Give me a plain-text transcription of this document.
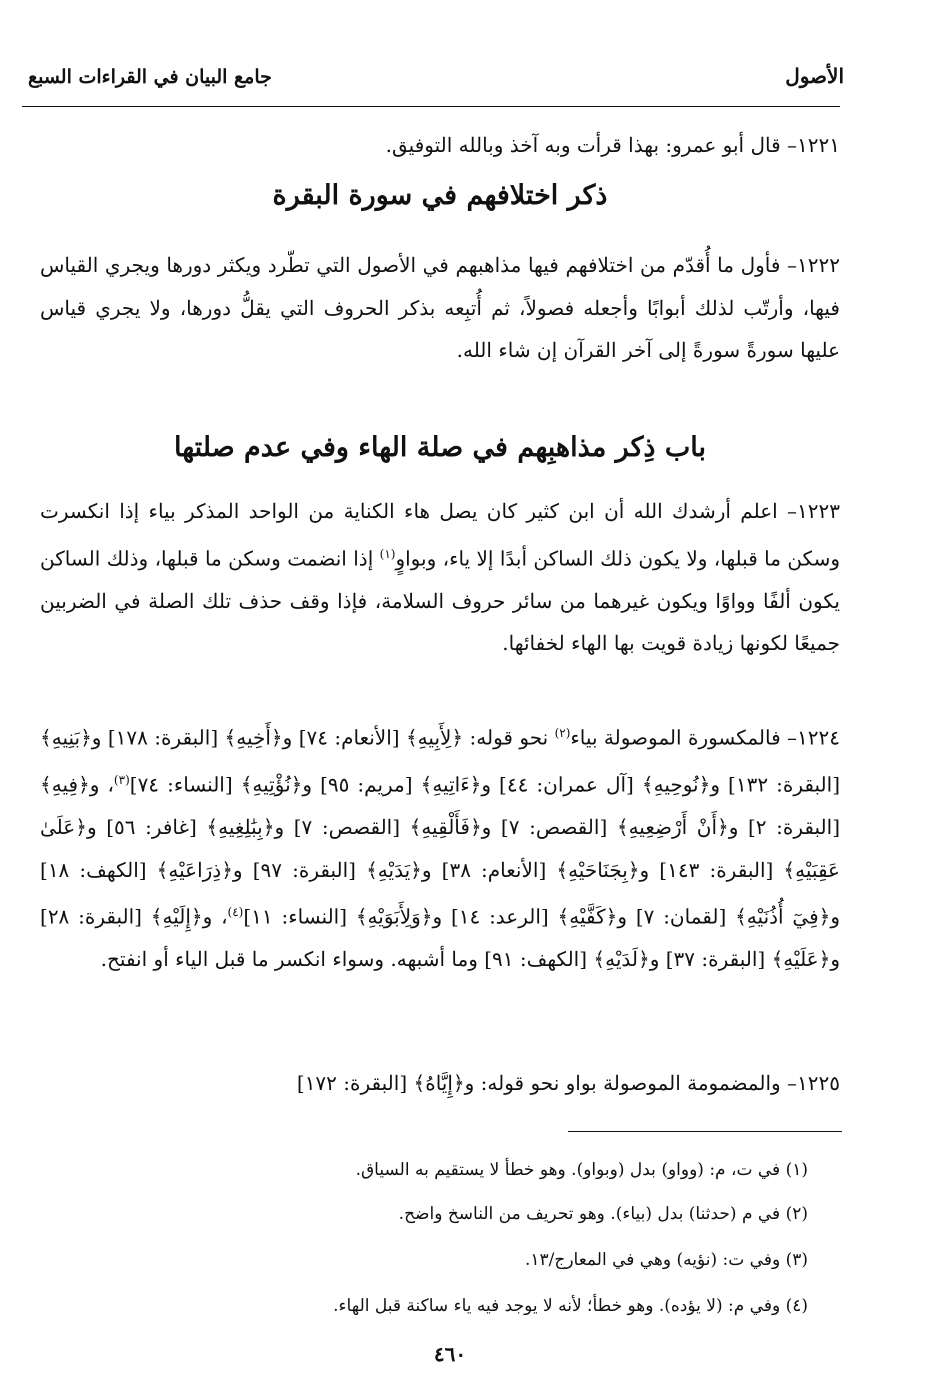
جامع البيان في القراءات السبع	الأصول
١٢٢١– قال أبو عمرو: بهذا قرأت وبه آخذ وبالله التوفيق.
ذكر اختلافهم في سورة البقرة
١٢٢٢– فأول ما أُقدّم من اختلافهم فيها مذاهبهم في الأصول التي تطّرد ويكثر دورها ويجري القياس فيها، وأرتّب لذلك أبوابًا وأجعله فصولاً، ثم أُتبِعه بذكر الحروف التي يقلُّ دورها، ولا يجري قياس عليها سورةً سورةً إلى آخر القرآن إن شاء الله.
باب ذِكر مذاهبِهم في صلة الهاء وفي عدم صلتها
١٢٢٣– اعلم أرشدك الله أن ابن كثير كان يصل هاء الكناية من الواحد المذكر بياء إذا انكسرت وسكن ما قبلها، ولا يكون ذلك الساكن أبدًا إلا ياء، وبواوٍ$^{(١)}$ إذا انضمت وسكن ما قبلها، وذلك الساكن يكون ألفًا وواوًا ويكون غيرهما من سائر حروف السلامة، فإذا وقف حذف تلك الصلة في الضربين جميعًا لكونها زيادة قويت بها الهاء لخفائها.
١٢٢٤– فالمكسورة الموصولة بياء$^{(٢)}$ نحو قوله: ﴿لِأَبِيهِ﴾ [الأنعام: ٧٤] و﴿أَخِيهِ﴾ [البقرة: ١٧٨] و﴿بَنِيهِ﴾ [البقرة: ١٣٢] و﴿نُوحِيهِ﴾ [آل عمران: ٤٤] و﴿ءَاتِيهِ﴾ [مريم: ٩٥] و﴿نُؤْتِيهِ﴾ [النساء: ٧٤]$^{(٣)}$، و﴿فِيهِ﴾ [البقرة: ٢] و﴿أَنْ أَرْضِعِيهِ﴾ [القصص: ٧] و﴿فَأَلْقِيهِ﴾ [القصص: ٧] و﴿بِبَٰلِغِيهِ﴾ [غافر: ٥٦] و﴿عَلَىٰ عَقِبَيْهِ﴾ [البقرة: ١٤٣] و﴿بِجَنَاحَيْهِ﴾ [الأنعام: ٣٨] و﴿يَدَيْهِ﴾ [البقرة: ٩٧] و﴿ذِرَاعَيْهِ﴾ [الكهف: ١٨] و﴿فِيٓ أُذُنَيْهِ﴾ [لقمان: ٧] و﴿كَفَّيْهِ﴾ [الرعد: ١٤] و﴿وَلِأَبَوَيْهِ﴾ [النساء: ١١]$^{(٤)}$، و﴿إِلَيْهِ﴾ [البقرة: ٢٨] و﴿عَلَيْهِ﴾ [البقرة: ٣٧] و﴿لَدَيْهِ﴾ [الكهف: ٩١] وما أشبهه. وسواء انكسر ما قبل الياء أو انفتح.
١٢٢٥– والمضمومة الموصولة بواو نحو قوله: و﴿إِيَّاهُ﴾ [البقرة: ١٧٢]
(١) في ت، م: (وواو) بدل (وبواو). وهو خطأ لا يستقيم به السياق.
(٢) في م (حدثنا) بدل (بياء). وهو تحريف من الناسخ واضح.
(٣) وفي ت: (نؤيه) وهي في المعارج/١٣.
(٤) وفي م: (لا يؤده). وهو خطأ؛ لأنه لا يوجد فيه ياء ساكنة قبل الهاء.
٤٦٠
